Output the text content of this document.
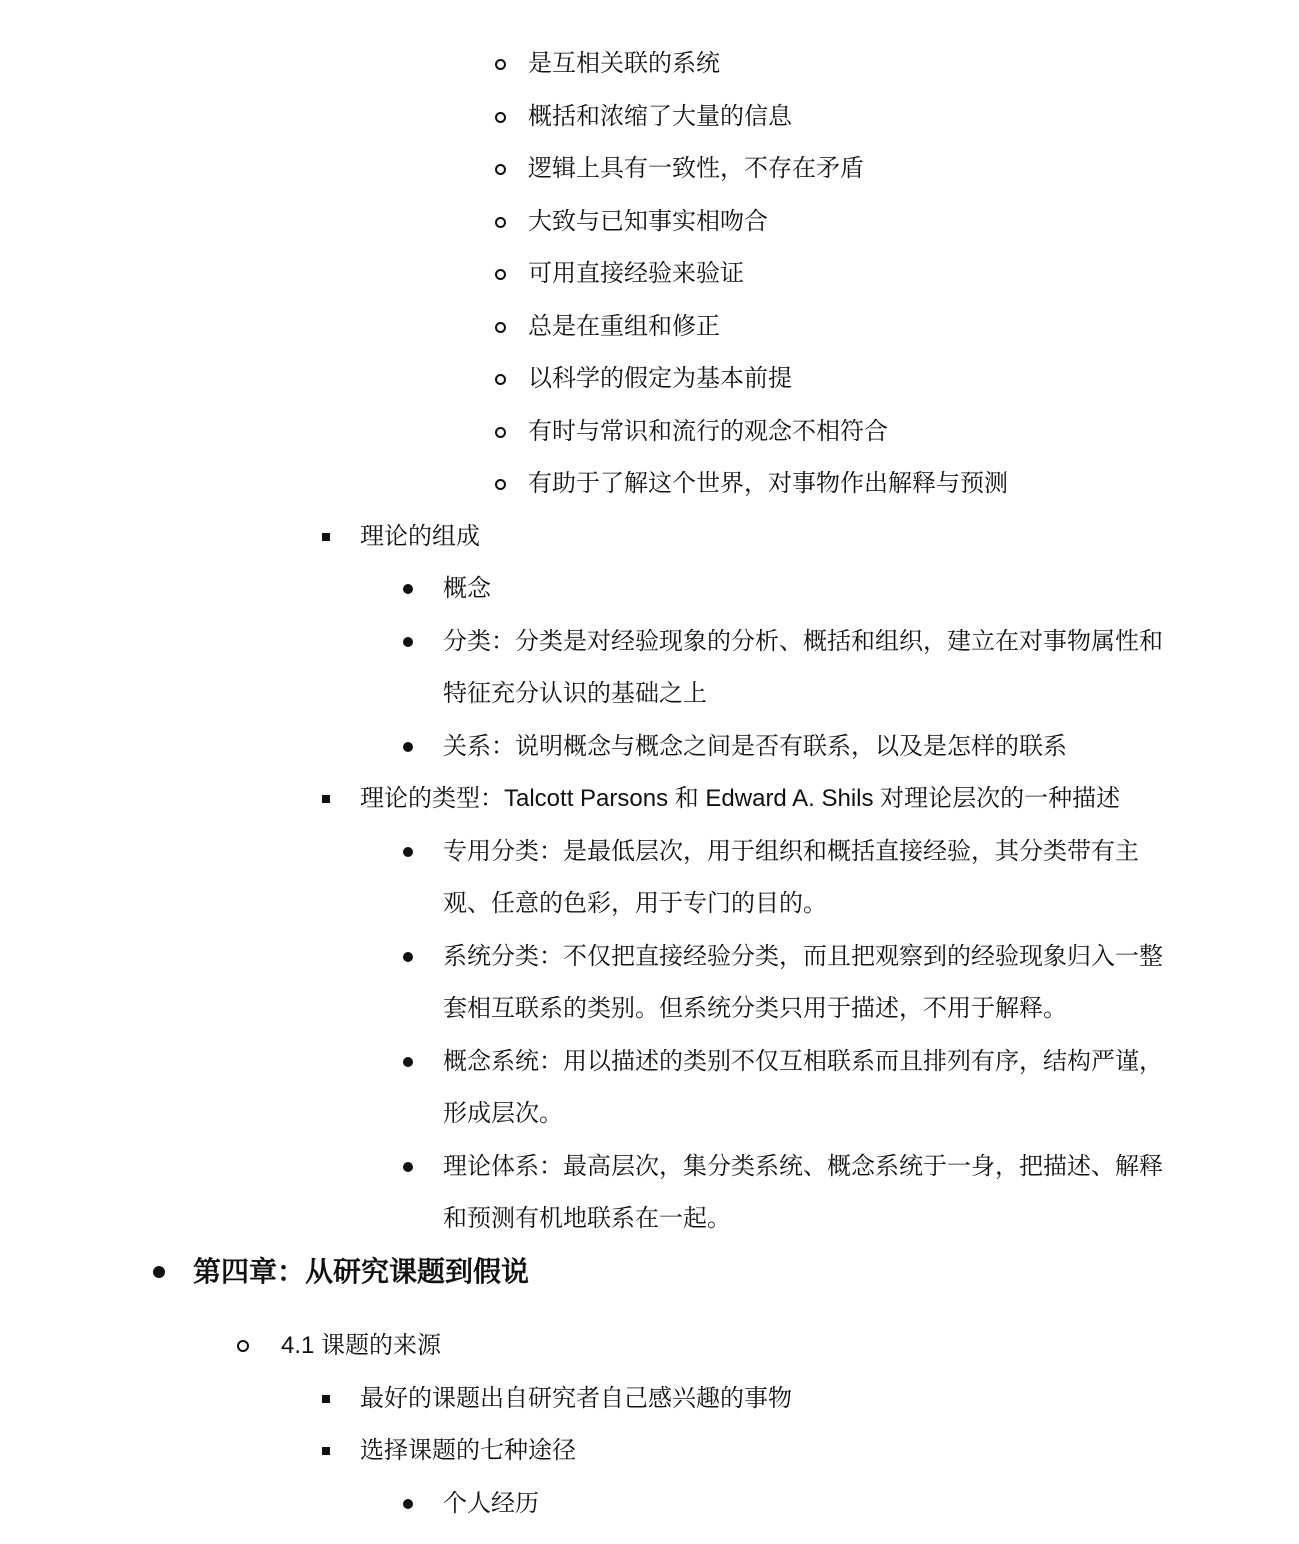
是互相关联的系统
概括和浓缩了大量的信息
逻辑上具有一致性，不存在矛盾
大致与已知事实相吻合
可用直接经验来验证
总是在重组和修正
以科学的假定为基本前提
有时与常识和流行的观念不相符合
有助于了解这个世界，对事物作出解释与预测
理论的组成
概念
分类：分类是对经验现象的分析、概括和组织，建立在对事物属性和特征充分认识的基础之上
关系：说明概念与概念之间是否有联系，以及是怎样的联系
理论的类型：Talcott Parsons 和 Edward A. Shils 对理论层次的一种描述
专用分类：是最低层次，用于组织和概括直接经验，其分类带有主观、任意的色彩，用于专门的目的。
系统分类：不仅把直接经验分类，而且把观察到的经验现象归入一整套相互联系的类别。但系统分类只用于描述，不用于解释。
概念系统：用以描述的类别不仅互相联系而且排列有序，结构严谨，形成层次。
理论体系：最高层次，集分类系统、概念系统于一身，把描述、解释和预测有机地联系在一起。
第四章：从研究课题到假说
4.1 课题的来源
最好的课题出自研究者自己感兴趣的事物
选择课题的七种途径
个人经历
